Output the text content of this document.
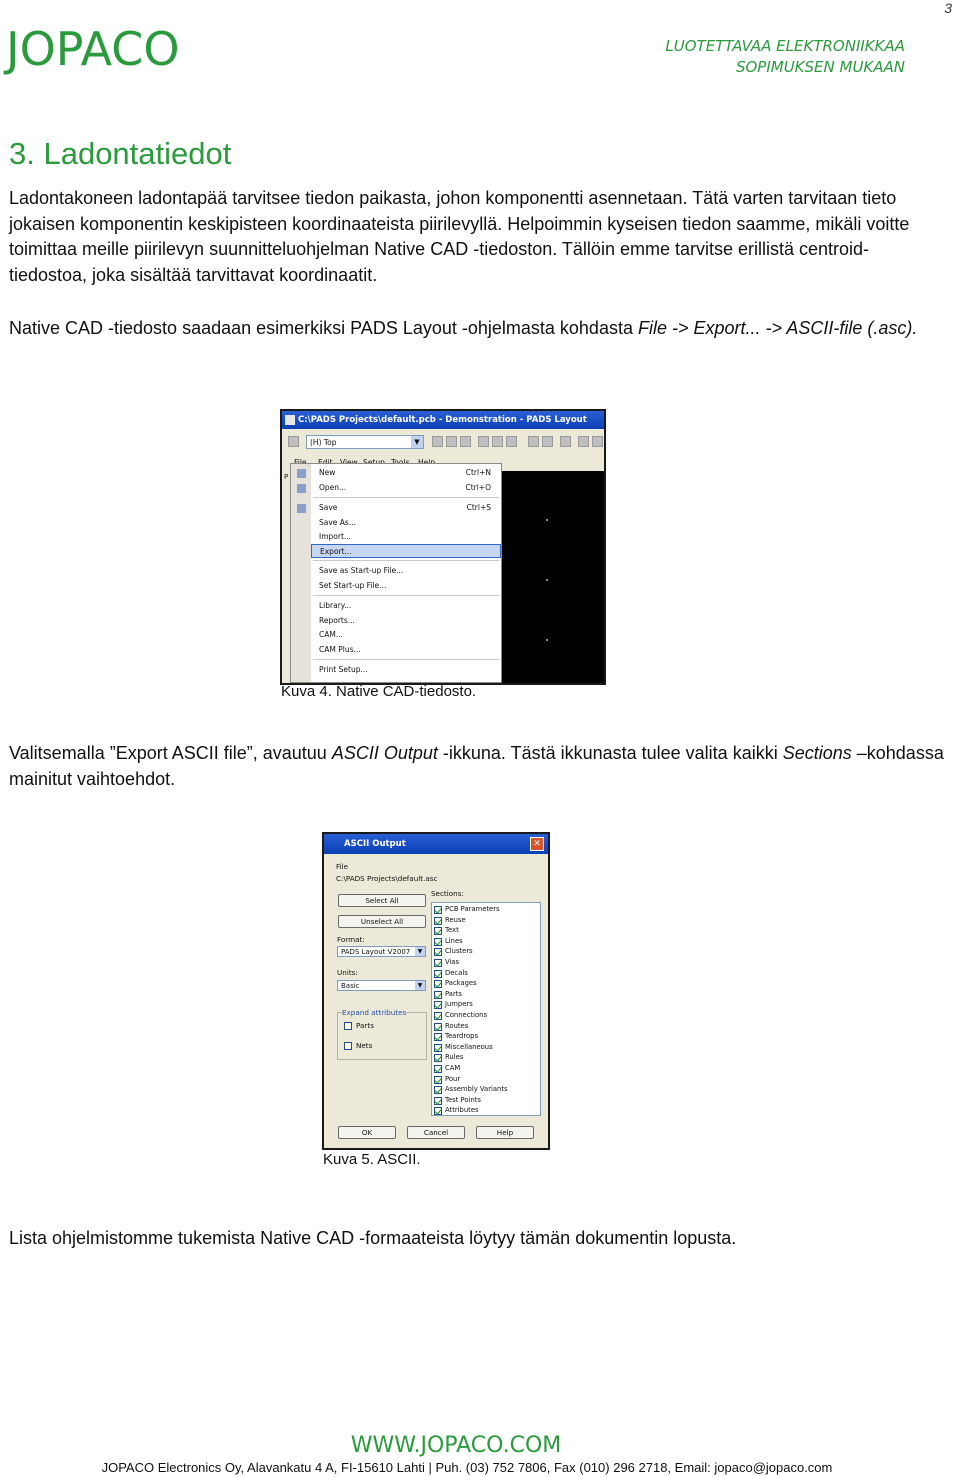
3
JOPACO	LUOTETTAVAA ELEKTRONIIKKAA
SOPIMUKSEN MUKAAN
3. Ladontatiedot
Ladontakoneen ladontapää tarvitsee tiedon paikasta, johon komponentti asennetaan. Tätä varten tarvitaan tieto jokaisen komponentin keskipisteen koordinaateista piirilevyllä. Helpoimmin kyseisen tiedon saamme, mikäli voitte toimittaa meille piirilevyn suunnitteluohjelman Native CAD -tiedoston. Tällöin emme tarvitse erillistä centroid-tiedostoa, joka sisältää tarvittavat koordinaatit.
Native CAD -tiedosto saadaan esimerkiksi PADS Layout -ohjelmasta kohdasta File -> Export... -> ASCII-file (.asc).
C:\PADS Projects\default.pcb - Demonstration - PADS Layout
(H) Top	▼
P	New	Ctrl+N
Open...	Ctrl+O
Save	Ctrl+S
Save As...
Import...
Export...
Save as Start-up File...
Set Start-up File...
Library...
Reports...
CAM...
CAM Plus...
Print Setup...
Kuva 4. Native CAD-tiedosto.
Valitsemalla ”Export ASCII file”, avautuu ASCII Output -ikkuna. Tästä ikkunasta tulee valita kaikki Sections –kohdassa mainitut vaihtoehdot.
ASCII Output	✕
File
C:\PADS Projects\default.asc
Select All
Unselect All
Format:
PADS Layout V2007	▼
Units:
Basic	▼
Expand attributes
Parts
Nets
Sections:
PCB Parameters
Reuse
Text
Lines
Clusters
Vias
Decals
Packages
Parts
Jumpers
Connections
Routes
Teardrops
Miscellaneous
Rules
CAM
Pour
Assembly Variants
Test Points
Attributes
OK	Cancel	Help
Kuva 5. ASCII.
Lista ohjelmistomme tukemista Native CAD -formaateista löytyy tämän dokumentin lopusta.
WWW.JOPACO.COM
JOPACO Electronics Oy, Alavankatu 4 A, FI-15610 Lahti | Puh. (03) 752 7806, Fax (010) 296 2718, Email: jopaco@jopaco.com
